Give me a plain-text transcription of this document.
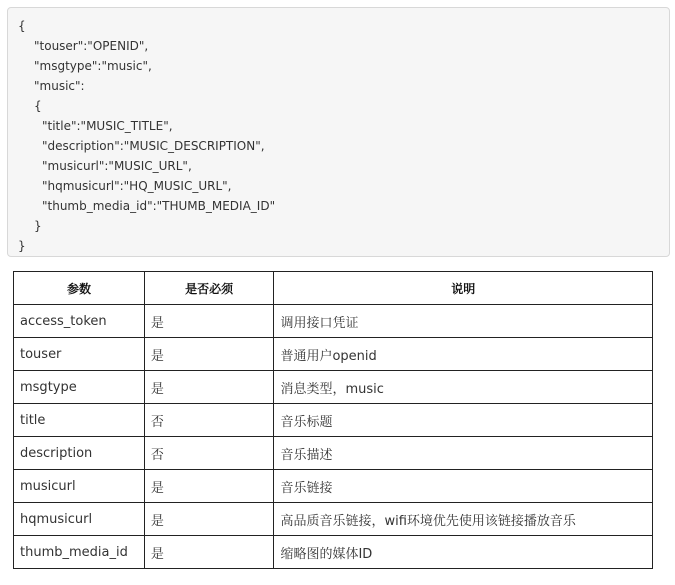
{
"touser":"OPENID",
"msgtype":"music",
"music":
{
"title":"MUSIC_TITLE",
"description":"MUSIC_DESCRIPTION",
"musicurl":"MUSIC_URL",
"hqmusicurl":"HQ_MUSIC_URL",
"thumb_media_id":"THUMB_MEDIA_ID"
}
}
参数	是否必须	说明
access_token	是	调用接口凭证
touser	是	普通用户openid
msgtype	是	消息类型，music
title	否	音乐标题
description	否	音乐描述
musicurl	是	音乐链接
hqmusicurl	是	高品质音乐链接，wifi环境优先使用该链接播放音乐
thumb_media_id	是	缩略图的媒体ID
